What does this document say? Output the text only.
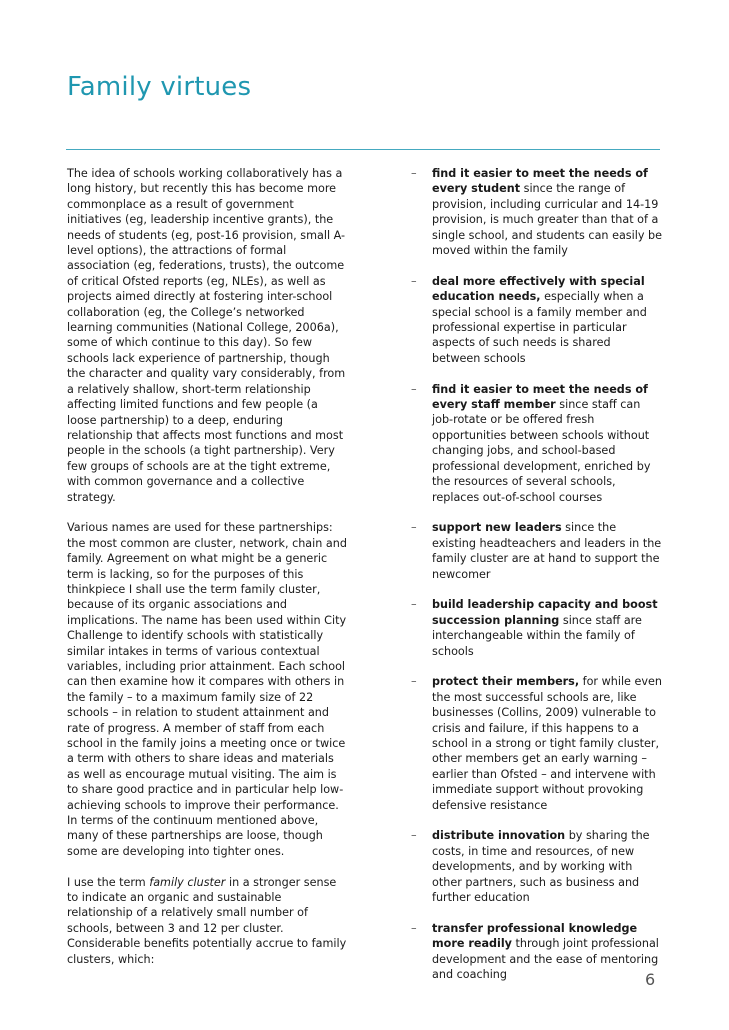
Family virtues

The idea of schools working collaboratively has a long history, but recently this has become more commonplace as a result of government initiatives (eg, leadership incentive grants), the needs of students (eg, post-16 provision, small A-level options), the attractions of formal association (eg, federations, trusts), the outcome of critical Ofsted reports (eg, NLEs), as well as projects aimed directly at fostering inter-school collaboration (eg, the College’s networked learning communities (National College, 2006a), some of which continue to this day). So few schools lack experience of partnership, though the character and quality vary considerably, from a relatively shallow, short-term relationship affecting limited functions and few people (a loose partnership) to a deep, enduring relationship that affects most functions and most people in the schools (a tight partnership). Very few groups of schools are at the tight extreme, with common governance and a collective strategy.

Various names are used for these partnerships: the most common are cluster, network, chain and family. Agreement on what might be a generic term is lacking, so for the purposes of this thinkpiece I shall use the term family cluster, because of its organic associations and implications. The name has been used within City Challenge to identify schools with statistically similar intakes in terms of various contextual variables, including prior attainment. Each school can then examine how it compares with others in the family – to a maximum family size of 22 schools – in relation to student attainment and rate of progress. A member of staff from each school in the family joins a meeting once or twice a term with others to share ideas and materials as well as encourage mutual visiting. The aim is to share good practice and in particular help low-achieving schools to improve their performance. In terms of the continuum mentioned above, many of these partnerships are loose, though some are developing into tighter ones.

I use the term family cluster in a stronger sense to indicate an organic and sustainable relationship of a relatively small number of schools, between 3 and 12 per cluster. Considerable benefits potentially accrue to family clusters, which:

– find it easier to meet the needs of every student since the range of provision, including curricular and 14-19 provision, is much greater than that of a single school, and students can easily be moved within the family
– deal more effectively with special education needs, especially when a special school is a family member and professional expertise in particular aspects of such needs is shared between schools
– find it easier to meet the needs of every staff member since staff can job-rotate or be offered fresh opportunities between schools without changing jobs, and school-based professional development, enriched by the resources of several schools, replaces out-of-school courses
– support new leaders since the existing headteachers and leaders in the family cluster are at hand to support the newcomer
– build leadership capacity and boost succession planning since staff are interchangeable within the family of schools
– protect their members, for while even the most successful schools are, like businesses (Collins, 2009) vulnerable to crisis and failure, if this happens to a school in a strong or tight family cluster, other members get an early warning – earlier than Ofsted – and intervene with immediate support without provoking defensive resistance
– distribute innovation by sharing the costs, in time and resources, of new developments, and by working with other partners, such as business and further education
– transfer professional knowledge more readily through joint professional development and the ease of mentoring and coaching	6
